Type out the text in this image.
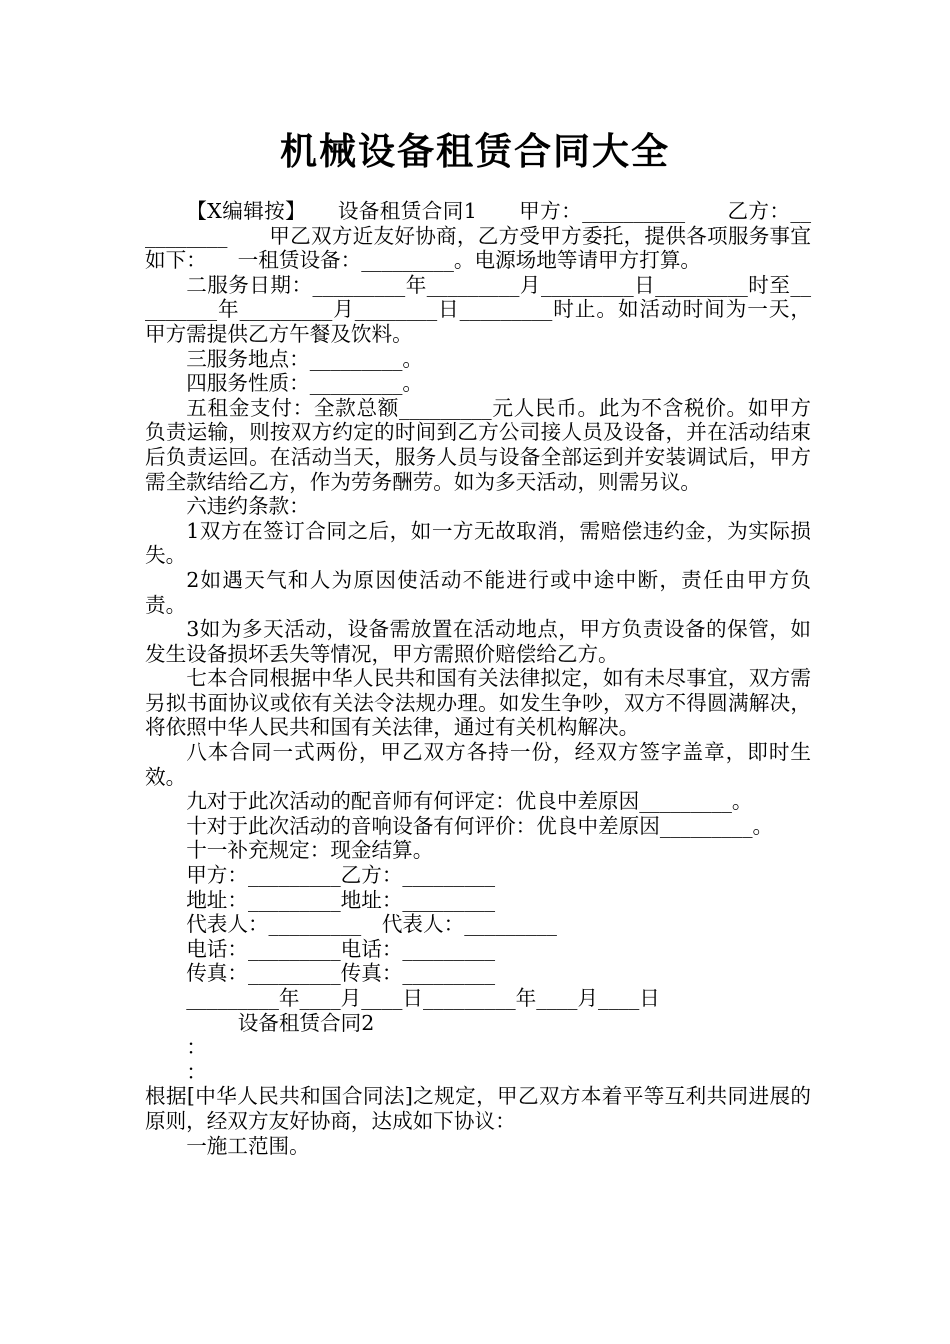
机械设备租赁合同大全

【X编辑按】　　设备租赁合同1　　甲方：__________　　乙方：__________　　甲乙双方近友好协商，乙方受甲方委托，提供各项服务事宜如下：　　一租赁设备：_________。电源场地等请甲方打算。

二服务日期：_________年_________月_________日_________时至_________年_________月________日_________时止。如活动时间为一天，甲方需提供乙方午餐及饮料。

三服务地点：_________。

四服务性质：_________。

五租金支付：全款总额_________元人民币。此为不含税价。如甲方负责运输，则按双方约定的时间到乙方公司接人员及设备，并在活动结束后负责运回。在活动当天，服务人员与设备全部运到并安装调试后，甲方需全款结给乙方，作为劳务酬劳。如为多天活动，则需另议。

六违约条款：

1双方在签订合同之后，如一方无故取消，需赔偿违约金，为实际损失。

2如遇天气和人为原因使活动不能进行或中途中断，责任由甲方负责。

3如为多天活动，设备需放置在活动地点，甲方负责设备的保管，如发生设备损坏丢失等情况，甲方需照价赔偿给乙方。

七本合同根据中华人民共和国有关法律拟定，如有未尽事宜，双方需另拟书面协议或依有关法令法规办理。如发生争吵，双方不得圆满解决，将依照中华人民共和国有关法律，通过有关机构解决。

八本合同一式两份，甲乙双方各持一份，经双方签字盖章，即时生效。

九对于此次活动的配音师有何评定：优良中差原因_________。

十对于此次活动的音响设备有何评价：优良中差原因_________。

十一补充规定：现金结算。

甲方：_________乙方：_________

地址：_________地址：_________

代表人：_________　代表人：_________

电话：_________电话：_________

传真：_________传真：_________

_________年____月____日_________年____月____日

设备租赁合同2

：

：

根据[中华人民共和国合同法]之规定，甲乙双方本着平等互利共同进展的原则，经双方友好协商，达成如下协议：

一施工范围。
